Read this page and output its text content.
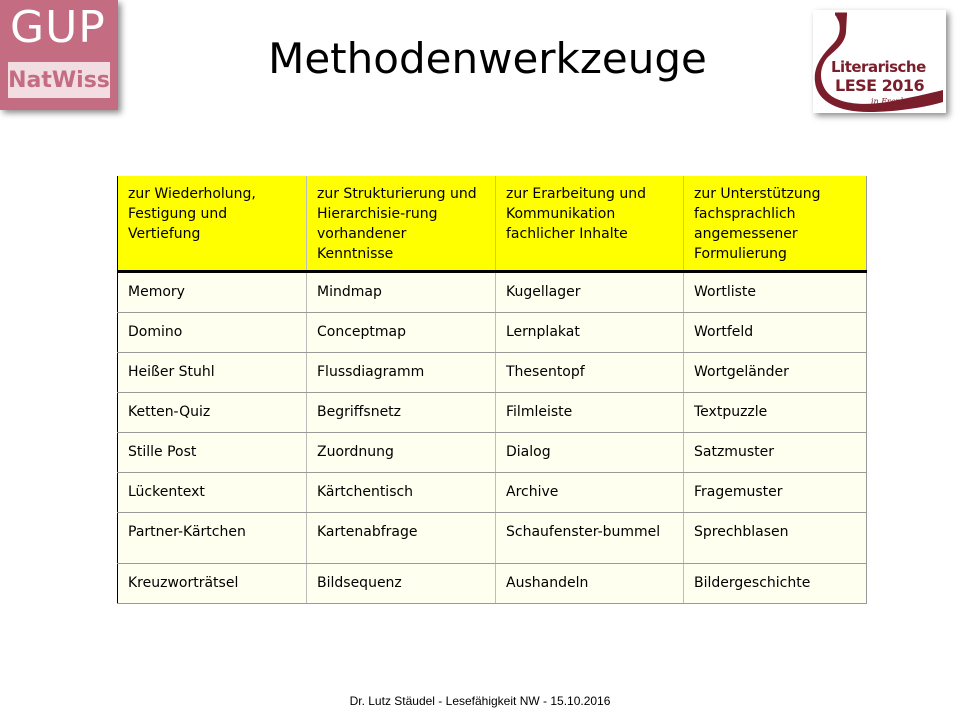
GUP
NatWiss	Methodenwerkzeuge	Literarische
LESE 2016
in Franken
zur Wiederholung, Festigung und Vertiefung	zur Strukturierung und Hierarchisie-rung vorhandener Kenntnisse	zur Erarbeitung und Kommunikation fachlicher Inhalte	zur Unterstützung fachsprachlich angemessener Formulierung
Memory	Mindmap	Kugellager	Wortliste
Domino	Conceptmap	Lernplakat	Wortfeld
Heißer Stuhl	Flussdiagramm	Thesentopf	Wortgeländer
Ketten-Quiz	Begriffsnetz	Filmleiste	Textpuzzle
Stille Post	Zuordnung	Dialog	Satzmuster
Lückentext	Kärtchentisch	Archive	Fragemuster
Partner-Kärtchen	Kartenabfrage	Schaufenster-bummel	Sprechblasen
Kreuzworträtsel	Bildsequenz	Aushandeln	Bildergeschichte
Dr. Lutz Stäudel - Lesefähigkeit NW - 15.10.2016
